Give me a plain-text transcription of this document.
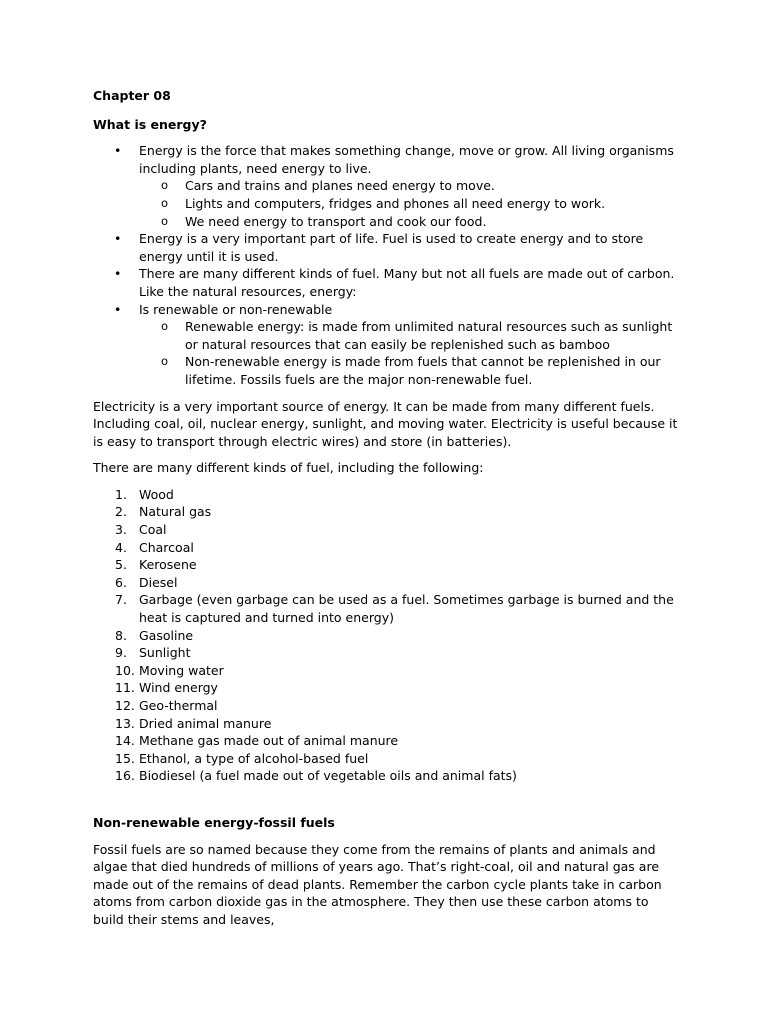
Chapter 08
What is energy?
• Energy is the force that makes something change, move or grow. All living organisms including plants, need energy to live.
o Cars and trains and planes need energy to move.
o Lights and computers, fridges and phones all need energy to work.
o We need energy to transport and cook our food.
• Energy is a very important part of life. Fuel is used to create energy and to store energy until it is used.
• There are many different kinds of fuel. Many but not all fuels are made out of carbon. Like the natural resources, energy:
• Is renewable or non-renewable
o Renewable energy: is made from unlimited natural resources such as sunlight or natural resources that can easily be replenished such as bamboo
o Non-renewable energy is made from fuels that cannot be replenished in our lifetime. Fossils fuels are the major non-renewable fuel.

Electricity is a very important source of energy. It can be made from many different fuels. Including coal, oil, nuclear energy, sunlight, and moving water. Electricity is useful because it is easy to transport through electric wires) and store (in batteries).

There are many different kinds of fuel, including the following:

1. Wood
2. Natural gas
3. Coal
4. Charcoal
5. Kerosene
6. Diesel
7. Garbage (even garbage can be used as a fuel. Sometimes garbage is burned and the heat is captured and turned into energy)
8. Gasoline
9. Sunlight
10. Moving water
11. Wind energy
12. Geo-thermal
13. Dried animal manure
14. Methane gas made out of animal manure
15. Ethanol, a type of alcohol-based fuel
16. Biodiesel (a fuel made out of vegetable oils and animal fats)
Non-renewable energy-fossil fuels

Fossil fuels are so named because they come from the remains of plants and animals and algae that died hundreds of millions of years ago. That’s right-coal, oil and natural gas are made out of the remains of dead plants. Remember the carbon cycle plants take in carbon atoms from carbon dioxide gas in the atmosphere. They then use these carbon atoms to build their stems and leaves,
